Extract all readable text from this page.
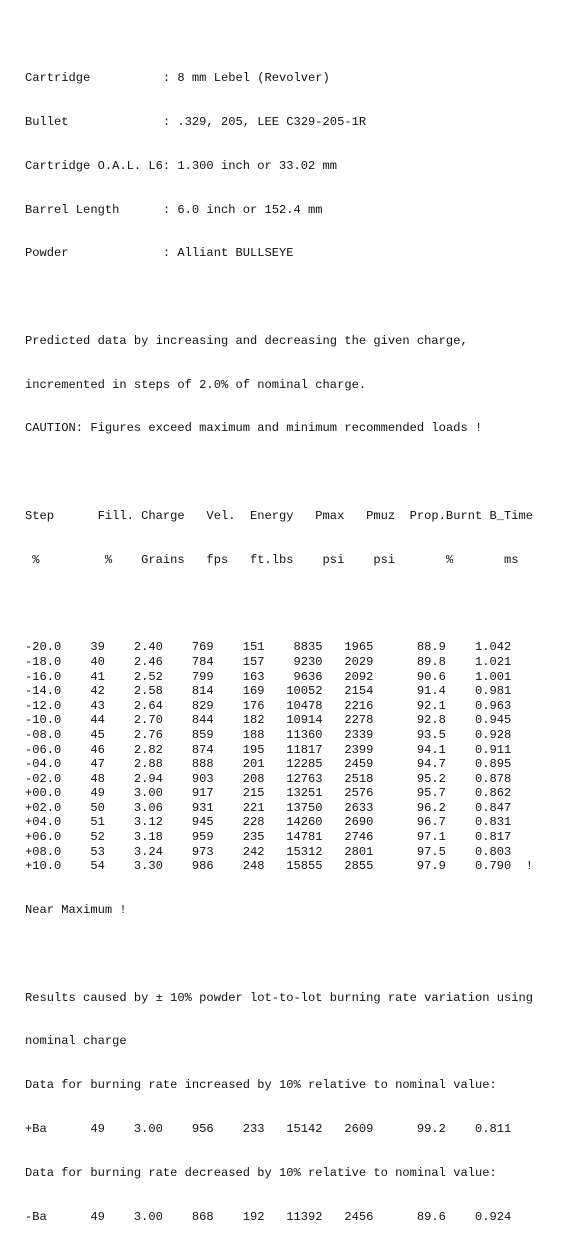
Cartridge          : 8 mm Lebel (Revolver)

Bullet             : .329, 205, LEE C329-205-1R

Cartridge O.A.L. L6: 1.300 inch or 33.02 mm

Barrel Length      : 6.0 inch or 152.4 mm

Powder             : Alliant BULLSEYE

Predicted data by increasing and decreasing the given charge,

incremented in steps of 2.0% of nominal charge.

CAUTION: Figures exceed maximum and minimum recommended loads !

Step      Fill. Charge   Vel.  Energy   Pmax   Pmuz  Prop.Burnt B_Time

%         %    Grains   fps   ft.lbs    psi    psi       %       ms

-20.0    39    2.40    769    151    8835   1965      88.9    1.042
-18.0    40    2.46    784    157    9230   2029      89.8    1.021
-16.0    41    2.52    799    163    9636   2092      90.6    1.001
-14.0    42    2.58    814    169   10052   2154      91.4    0.981
-12.0    43    2.64    829    176   10478   2216      92.1    0.963
-10.0    44    2.70    844    182   10914   2278      92.8    0.945
-08.0    45    2.76    859    188   11360   2339      93.5    0.928
-06.0    46    2.82    874    195   11817   2399      94.1    0.911
-04.0    47    2.88    888    201   12285   2459      94.7    0.895
-02.0    48    2.94    903    208   12763   2518      95.2    0.878
+00.0    49    3.00    917    215   13251   2576      95.7    0.862
+02.0    50    3.06    931    221   13750   2633      96.2    0.847
+04.0    51    3.12    945    228   14260   2690      96.7    0.831
+06.0    52    3.18    959    235   14781   2746      97.1    0.817
+08.0    53    3.24    973    242   15312   2801      97.5    0.803
+10.0    54    3.30    986    248   15855   2855      97.9    0.790  !

Near Maximum !

Results caused by ± 10% powder lot-to-lot burning rate variation using

nominal charge

Data for burning rate increased by 10% relative to nominal value:

+Ba      49    3.00    956    233   15142   2609      99.2    0.811

Data for burning rate decreased by 10% relative to nominal value:

-Ba      49    3.00    868    192   11392   2456      89.6    0.924
